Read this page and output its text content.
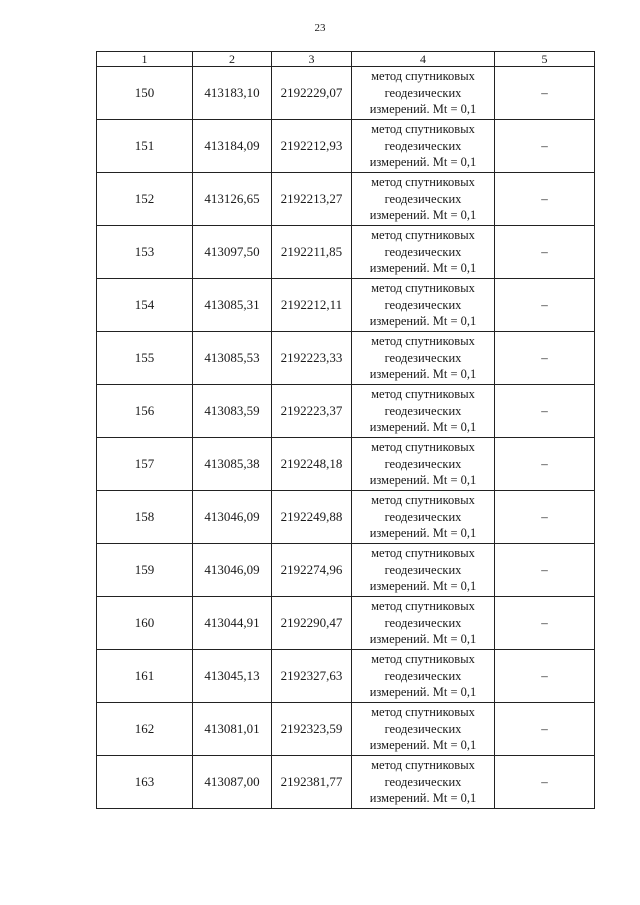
23
1	2	3	4	5
150	413183,10	2192229,07	метод спутниковых
геодезических
измерений. Mt = 0,1	–
151	413184,09	2192212,93	метод спутниковых
геодезических
измерений. Mt = 0,1	–
152	413126,65	2192213,27	метод спутниковых
геодезических
измерений. Mt = 0,1	–
153	413097,50	2192211,85	метод спутниковых
геодезических
измерений. Mt = 0,1	–
154	413085,31	2192212,11	метод спутниковых
геодезических
измерений. Mt = 0,1	–
155	413085,53	2192223,33	метод спутниковых
геодезических
измерений. Mt = 0,1	–
156	413083,59	2192223,37	метод спутниковых
геодезических
измерений. Mt = 0,1	–
157	413085,38	2192248,18	метод спутниковых
геодезических
измерений. Mt = 0,1	–
158	413046,09	2192249,88	метод спутниковых
геодезических
измерений. Mt = 0,1	–
159	413046,09	2192274,96	метод спутниковых
геодезических
измерений. Mt = 0,1	–
160	413044,91	2192290,47	метод спутниковых
геодезических
измерений. Mt = 0,1	–
161	413045,13	2192327,63	метод спутниковых
геодезических
измерений. Mt = 0,1	–
162	413081,01	2192323,59	метод спутниковых
геодезических
измерений. Mt = 0,1	–
163	413087,00	2192381,77	метод спутниковых
геодезических
измерений. Mt = 0,1	–
